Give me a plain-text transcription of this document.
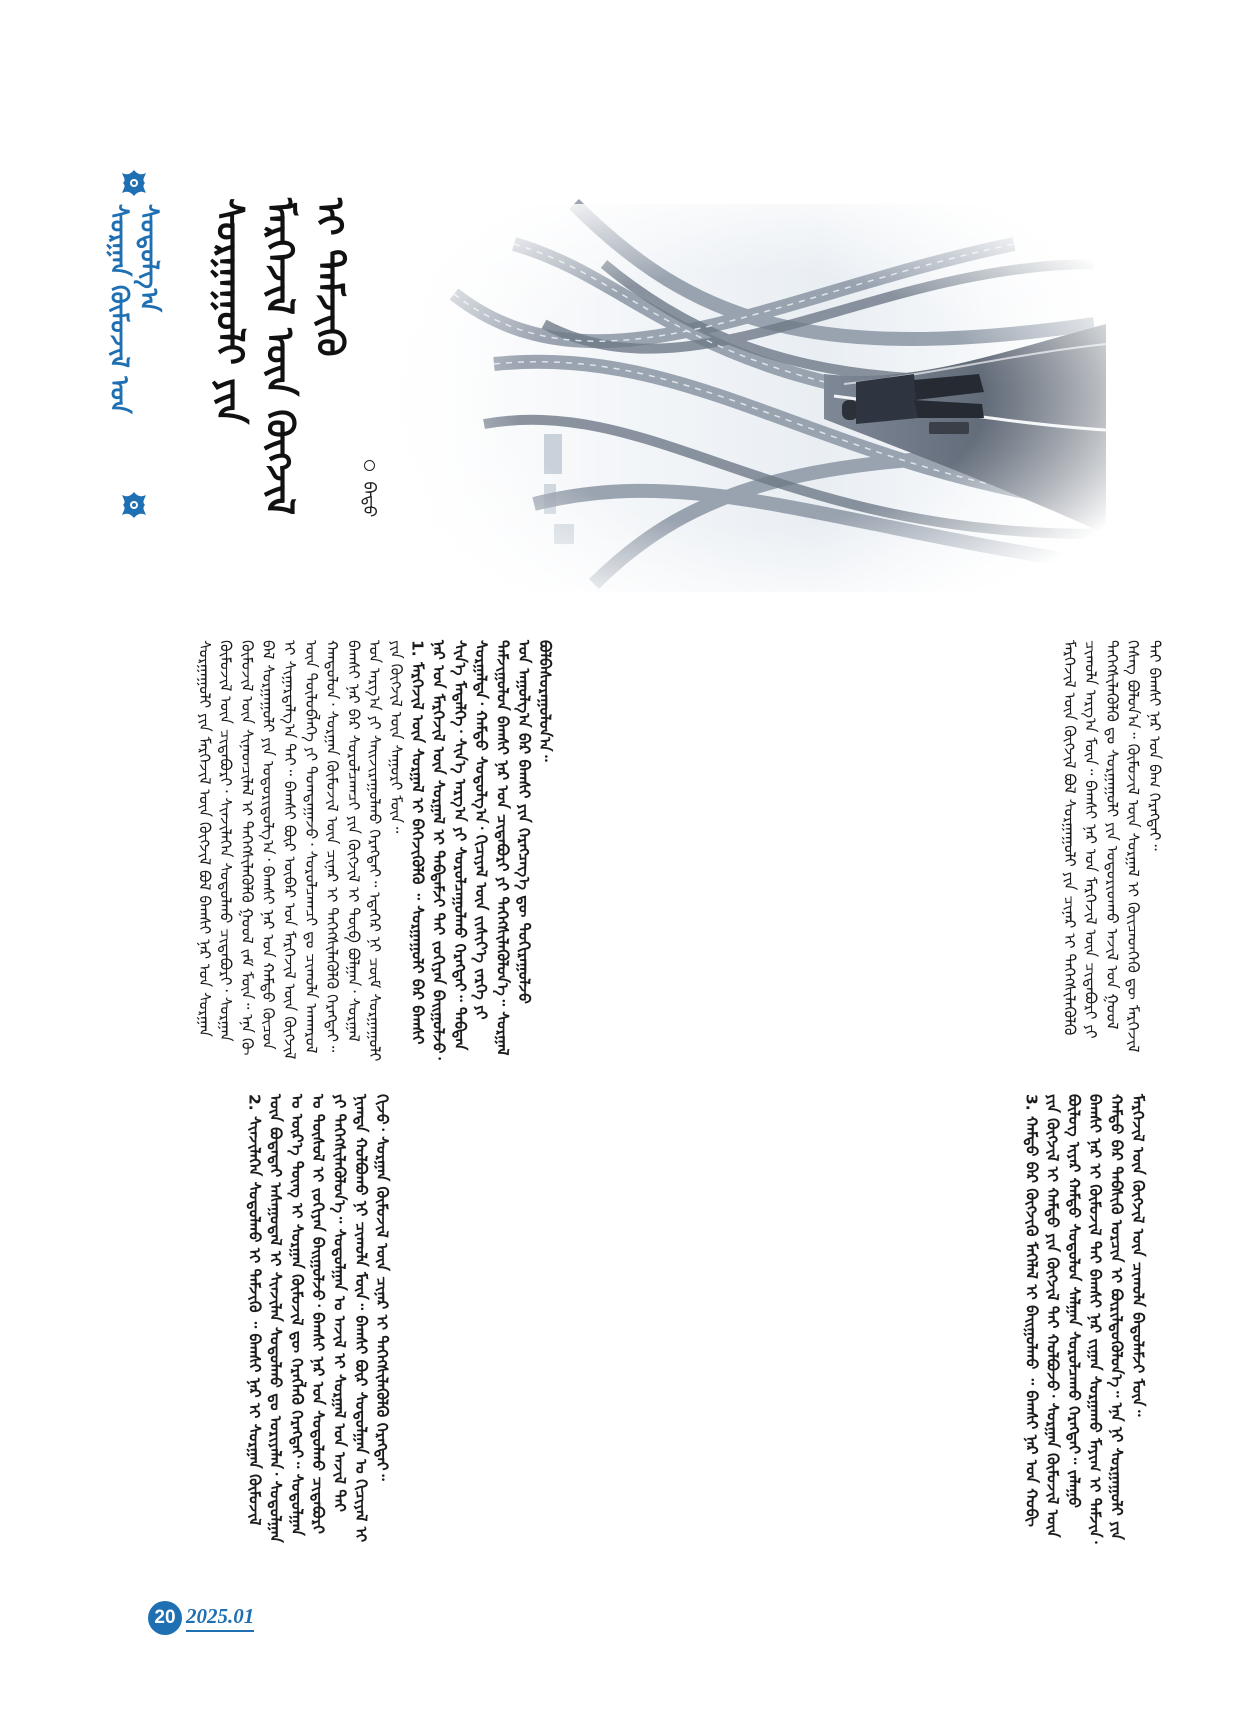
ᠰᠤᠷᠭᠠᠨ ᠬᠦᠮᠦᠵᠢᠯ ᠤᠨ ᠰᠤᠳᠤᠯᠭ᠎ᠠ ᠰᠤᠷᠭᠠᠭᠤᠯᠢ ᠶᠢᠨ ᠮᠡᠷᠭᠡᠵᠢᠯ ᠦᠨ ᠬᠦᠭᠵᠢᠯ ᠢ ᠳᠡᠮᠵᠢᠬᠦ
ᠪᠠᠲᠤ

ᠮᠡᠷᠭᠡᠵᠢᠯ ᠦᠨ ᠬᠦᠭᠵᠢᠯ ᠪᠣᠯ ᠰᠤᠷᠭᠠᠭᠤᠯᠢ ᠶᠢᠨ ᠴᠢᠨᠠᠷ ᠢ ᠳᠡᠭᠡᠭᠰᠢᠯᠡᠭᠦᠯᠬᠦ ᠴᠢᠬᠤᠯᠠ ᠠᠷᠭ᠎ᠠ ᠮᠥᠨ᠃ ᠪᠠᠭᠰᠢ ᠨᠠᠷ ᠤᠨ ᠮᠡᠷᠭᠡᠵᠢᠯ ᠦᠨ ᠴᠢᠳᠠᠪᠤᠷᠢ ᠶᠢ ᠳᠡᠭᠡᠭᠰᠢᠯᠡᠭᠦᠯᠬᠦ ᠳᠤ ᠰᠤᠷᠭᠠᠭᠤᠯᠢ ᠶᠢᠨ ᠤᠳᠤᠷᠢᠳᠬᠤ ᠠᠵᠢᠯ ᠤᠨ ᠭᠣᠣᠯ ᠬᠡᠰᠡᠭ ᠪᠣᠯᠤᠨ᠎ᠠ᠃ ᠬᠦᠮᠦᠵᠢᠯ ᠦᠨ ᠰᠤᠷᠭᠠᠯ ᠢ ᠭᠦᠢᠴᠡᠳᠬᠡᠬᠦ ᠳᠦ ᠮᠡᠷᠭᠡᠵᠢᠯ ᠲᠡᠢ ᠪᠠᠭᠰᠢ ᠨᠠᠷ ᠤᠨ ᠪᠠᠭ ᠬᠡᠷᠡᠭᠲᠡᠢ᠃

ᠰᠤᠷᠭᠠᠭᠤᠯᠢ ᠶᠢᠨ ᠮᠡᠷᠭᠡᠵᠢᠯ ᠦᠨ ᠬᠦᠭᠵᠢᠯ ᠪᠣᠯ ᠪᠠᠭᠰᠢ ᠨᠠᠷ ᠤᠨ ᠰᠤᠷᠭᠠᠨ ᠬᠦᠮᠦᠵᠢᠯ ᠦᠨ ᠴᠢᠳᠠᠪᠤᠷᠢ᠂ ᠰᠢᠨᠵᠢᠯᠡᠭᠡᠨ ᠰᠤᠳᠤᠯᠬᠤ ᠴᠢᠳᠠᠪᠤᠷᠢ᠂ ᠰᠤᠷᠭᠠᠨ ᠬᠦᠮᠦᠵᠢᠯ ᠦᠨ ᠰᠢᠨᠡᠳᠴᠢᠯᠡᠯ ᠢ ᠳᠡᠭᠡᠭᠰᠢᠯᠡᠭᠦᠯᠬᠦ ᠭᠣᠣᠯ ᠵᠠᠮ ᠮᠥᠨ᠃ ᠡᠨᠡ ᠬᠦ ᠪᠡᠯ ᠰᠤᠷᠭᠠᠭᠤᠯᠢ ᠶᠢᠨ ᠤᠳᠤᠷᠢᠳᠤᠯᠭ᠎ᠠ᠂ ᠪᠠᠭᠰᠢ ᠨᠠᠷ ᠤᠨ ᠬᠠᠮᠲᠤ ᠬᠦᠴᠦᠨ ᠢ ᠰᠢᠭᠠᠷᠳᠠᠯᠭ᠎ᠠ ᠲᠠᠢ᠃ ᠪᠠᠭᠰᠢ ᠪᠦᠷ ᠦᠪᠡᠷ ᠤᠨ ᠮᠡᠷᠭᠡᠵᠢᠯ ᠦᠨ ᠬᠦᠭᠵᠢᠯ ᠦᠨ ᠲᠥᠯᠦᠪᠯᠡᠭᠡ ᠶᠢ ᠲᠣᠭᠳᠠᠭᠠᠵᠤ᠂ ᠰᠤᠷᠤᠯᠴᠠᠭᠴᠢ ᠳᠤ ᠴᠢᠬᠤᠯᠠ ᠠᠨᠬᠠᠷᠤᠯ ᠬᠠᠨᠳᠤᠯᠤᠨ᠂ ᠰᠤᠷᠭᠠᠨ ᠬᠦᠮᠦᠵᠢᠯ ᠦᠨ ᠴᠢᠨᠠᠷ ᠢ ᠳᠡᠭᠡᠭᠰᠢᠯᠡᠭᠦᠯᠬᠦ ᠬᠡᠷᠡᠭᠲᠡᠢ᠃ ᠪᠠᠭᠰᠢ ᠨᠠᠷ ᠪᠡᠷ ᠰᠤᠷᠤᠯᠴᠠᠭᠴᠢ ᠶᠢᠨ ᠬᠦᠭᠵᠢᠯ ᠢ ᠲᠥᠪ ᠪᠣᠯᠭᠠᠨ᠂ ᠰᠤᠷᠭᠠᠯ ᠤᠨ ᠠᠷᠭ᠎ᠠ ᠶᠢ ᠰᠠᠢᠵᠢᠷᠠᠭᠤᠯᠬᠤ ᠬᠡᠷᠡᠭᠲᠡᠢ᠃ ᠡᠳᠡᠭᠡᠷ ᠨᠢ ᠴᠥᠮ ᠰᠤᠷᠭᠠᠭᠤᠯᠢ ᠶᠢᠨ ᠬᠦᠭᠵᠢᠯ ᠦᠨ ᠰᠠᠭᠤᠷᠢ ᠮᠥᠨ᠃ 1. ᠮᠡᠷᠭᠡᠵᠢᠯ ᠦᠨ ᠰᠤᠷᠭᠠᠯ ᠢ ᠪᠡᠬᠡᠵᠢᠭᠦᠯᠬᠦ ᠃ ᠰᠤᠷᠭᠠᠭᠤᠯᠢ ᠪᠡᠷ ᠪᠠᠭᠰᠢ ᠨᠠᠷ ᠤᠨ ᠮᠡᠷᠭᠡᠵᠢᠯ ᠦᠨ ᠰᠤᠷᠭᠠᠯ ᠢ ᠳᠠᠪᠲᠠᠮᠵᠢ ᠲᠠᠢ ᠵᠣᠬᠢᠶᠠᠨ ᠪᠠᠢᠭᠤᠯᠵᠤ᠂ ᠰᠢᠨ᠎ᠡ ᠮᠡᠳᠡᠯᠭᠡ᠂ ᠰᠢᠨ᠎ᠡ ᠠᠷᠭ᠎ᠠ ᠶᠢ ᠰᠤᠷᠤᠯᠴᠠᠭᠤᠯᠬᠤ ᠬᠡᠷᠡᠭᠲᠡᠢ᠃ ᠳᠠᠪᠲᠠᠨ ᠰᠤᠷᠭᠠᠯᠲᠠ᠂ ᠬᠠᠮᠲᠤ ᠰᠤᠳᠤᠯᠭ᠎ᠠ᠂ ᠬᠢᠴᠢᠶᠡᠯ ᠦᠨ ᠵᠢᠱᠢᠶ᠎ᠡ ᠵᠡᠷᠭᠡ ᠶᠢ ᠳᠠᠮᠵᠢᠭᠤᠯᠤᠨ ᠪᠠᠭᠰᠢ ᠨᠠᠷ ᠤᠨ ᠴᠢᠳᠠᠪᠤᠷᠢ ᠶᠢ ᠳᠡᠭᠡᠭᠰᠢᠯᠡᠭᠦᠯᠦᠨ᠎ᠡ᠃ ᠰᠤᠷᠭᠠᠯ ᠤᠨ ᠠᠭᠤᠯᠭ᠎ᠠ ᠪᠡᠷ ᠪᠠᠭᠰᠢ ᠶᠢᠨ ᠬᠡᠷᠡᠭᠴᠡᠭ᠎ᠡ ᠳᠦ ᠲᠣᠬᠢᠷᠠᠭᠤᠯᠵᠤ ᠪᠣᠯᠪᠠᠰᠤᠷᠠᠭᠤᠯᠤᠨ᠎ᠠ᠃

3. ᠬᠠᠮᠲᠤ ᠪᠡᠷ ᠬᠦᠭᠵᠢᠬᠦ ᠮᠡᠭᠡᠯᠡᠯ ᠢ ᠪᠠᠢᠭᠤᠯᠬᠤ ᠃ ᠪᠠᠭᠰᠢ ᠨᠠᠷ ᠤᠨ ᠬᠤᠪᠢ ᠶᠢᠨ ᠬᠦᠭᠵᠢᠯ ᠢ ᠬᠠᠮᠲᠤ ᠶᠢᠨ ᠬᠦᠭᠵᠢᠯ ᠲᠡᠢ ᠬᠣᠯᠪᠣᠵᠤ᠂ ᠰᠤᠷᠭᠠᠨ ᠬᠦᠮᠦᠵᠢᠯ ᠦᠨ ᠪᠦᠯᠦᠭ ᠢᠶᠡᠷ ᠬᠠᠮᠲᠤ ᠰᠤᠳᠤᠯᠤᠨ ᠰᠠᠯᠭᠠᠨ ᠰᠤᠷᠤᠯᠴᠠᠬᠤ ᠬᠡᠷᠡᠭᠲᠡᠢ᠃ ᠵᠠᠯᠠᠭᠤ ᠪᠠᠭᠰᠢ ᠨᠠᠷ ᠢ ᠬᠦᠮᠦᠵᠢᠯ ᠲᠡᠢ ᠪᠠᠭᠰᠢ ᠨᠠᠷ ᠵᠢᠭᠠᠨ ᠰᠤᠷᠭᠠᠬᠤ ᠮᠠᠶᠢᠭ ᠢ ᠳᠡᠮᠵᠢᠨ᠂ ᠬᠠᠮᠲᠤ ᠪᠡᠷ ᠳᠡᠪᠰᠢᠬᠦ ᠣᠷᠴᠢᠨ ᠢ ᠪᠦᠷᠢᠯᠳᠦᠭᠦᠯᠦᠨ᠎ᠡ᠃ ᠡᠨᠡ ᠨᠢ ᠰᠤᠷᠭᠠᠭᠤᠯᠢ ᠶᠢᠨ ᠮᠡᠷᠭᠡᠵᠢᠯ ᠦᠨ ᠬᠦᠭᠵᠢᠯ ᠦᠨ ᠴᠢᠬᠤᠯᠠ ᠪᠠᠲᠤᠯᠠᠮᠵᠢ ᠮᠥᠨ᠃

2. ᠰᠢᠨᠵᠢᠯᠡᠭᠡᠨ ᠰᠤᠳᠤᠯᠬᠤ ᠢ ᠳᠡᠮᠵᠢᠬᠦ ᠃ ᠪᠠᠭᠰᠢ ᠨᠠᠷ ᠢ ᠰᠤᠷᠭᠠᠨ ᠬᠦᠮᠦᠵᠢᠯ ᠦᠨ ᠪᠣᠳᠠᠳᠠᠢ ᠠᠰᠠᠭᠤᠳᠠᠯ ᠢ ᠰᠢᠨᠵᠢᠯᠡᠨ ᠰᠤᠳᠤᠯᠬᠤ ᠳᠤ ᠤᠷᠢᠶᠠᠯᠠᠨ᠂ ᠰᠤᠳᠤᠯᠭᠠᠨ ᠤ ᠦᠷ᠎ᠡ ᠳᠦᠩ ᠢ ᠰᠤᠷᠭᠠᠨ ᠬᠦᠮᠦᠵᠢᠯ ᠳᠦ ᠬᠡᠷᠡᠭᠯᠡᠬᠦ ᠬᠡᠷᠡᠭᠲᠡᠢ᠃ ᠰᠤᠳᠤᠯᠭᠠᠨ ᠤ ᠲᠥᠰᠦᠯ ᠢ ᠵᠣᠬᠢᠶᠠᠨ ᠪᠠᠢᠭᠤᠯᠵᠤ᠂ ᠪᠠᠭᠰᠢ ᠨᠠᠷ ᠤᠨ ᠰᠤᠳᠤᠯᠬᠤ ᠴᠢᠳᠠᠪᠤᠷᠢ ᠶᠢ ᠳᠡᠭᠡᠭᠰᠢᠯᠡᠭᠦᠯᠦᠨ᠎ᠡ᠃ ᠰᠤᠳᠤᠯᠭᠠᠨ ᠤ ᠠᠵᠢᠯ ᠢ ᠰᠤᠷᠭᠠᠯ ᠤᠨ ᠠᠵᠢᠯ ᠲᠠᠢ ᠨᠢᠭᠲᠠ ᠬᠣᠯᠪᠣᠬᠤ ᠨᠢ ᠴᠢᠬᠤᠯᠠ ᠮᠥᠨ᠃ ᠪᠠᠭᠰᠢ ᠪᠦᠷ ᠰᠤᠳᠤᠯᠭᠠᠨ ᠤ ᠬᠢᠴᠢᠶᠡᠯ ᠢ ᠬᠢᠵᠦ᠂ ᠰᠤᠷᠭᠠᠨ ᠬᠦᠮᠦᠵᠢᠯ ᠦᠨ ᠴᠢᠨᠠᠷ ᠢ ᠳᠡᠭᠡᠭᠰᠢᠯᠡᠭᠦᠯᠬᠦ ᠬᠡᠷᠡᠭᠲᠡᠢ᠃

20 2025.01
